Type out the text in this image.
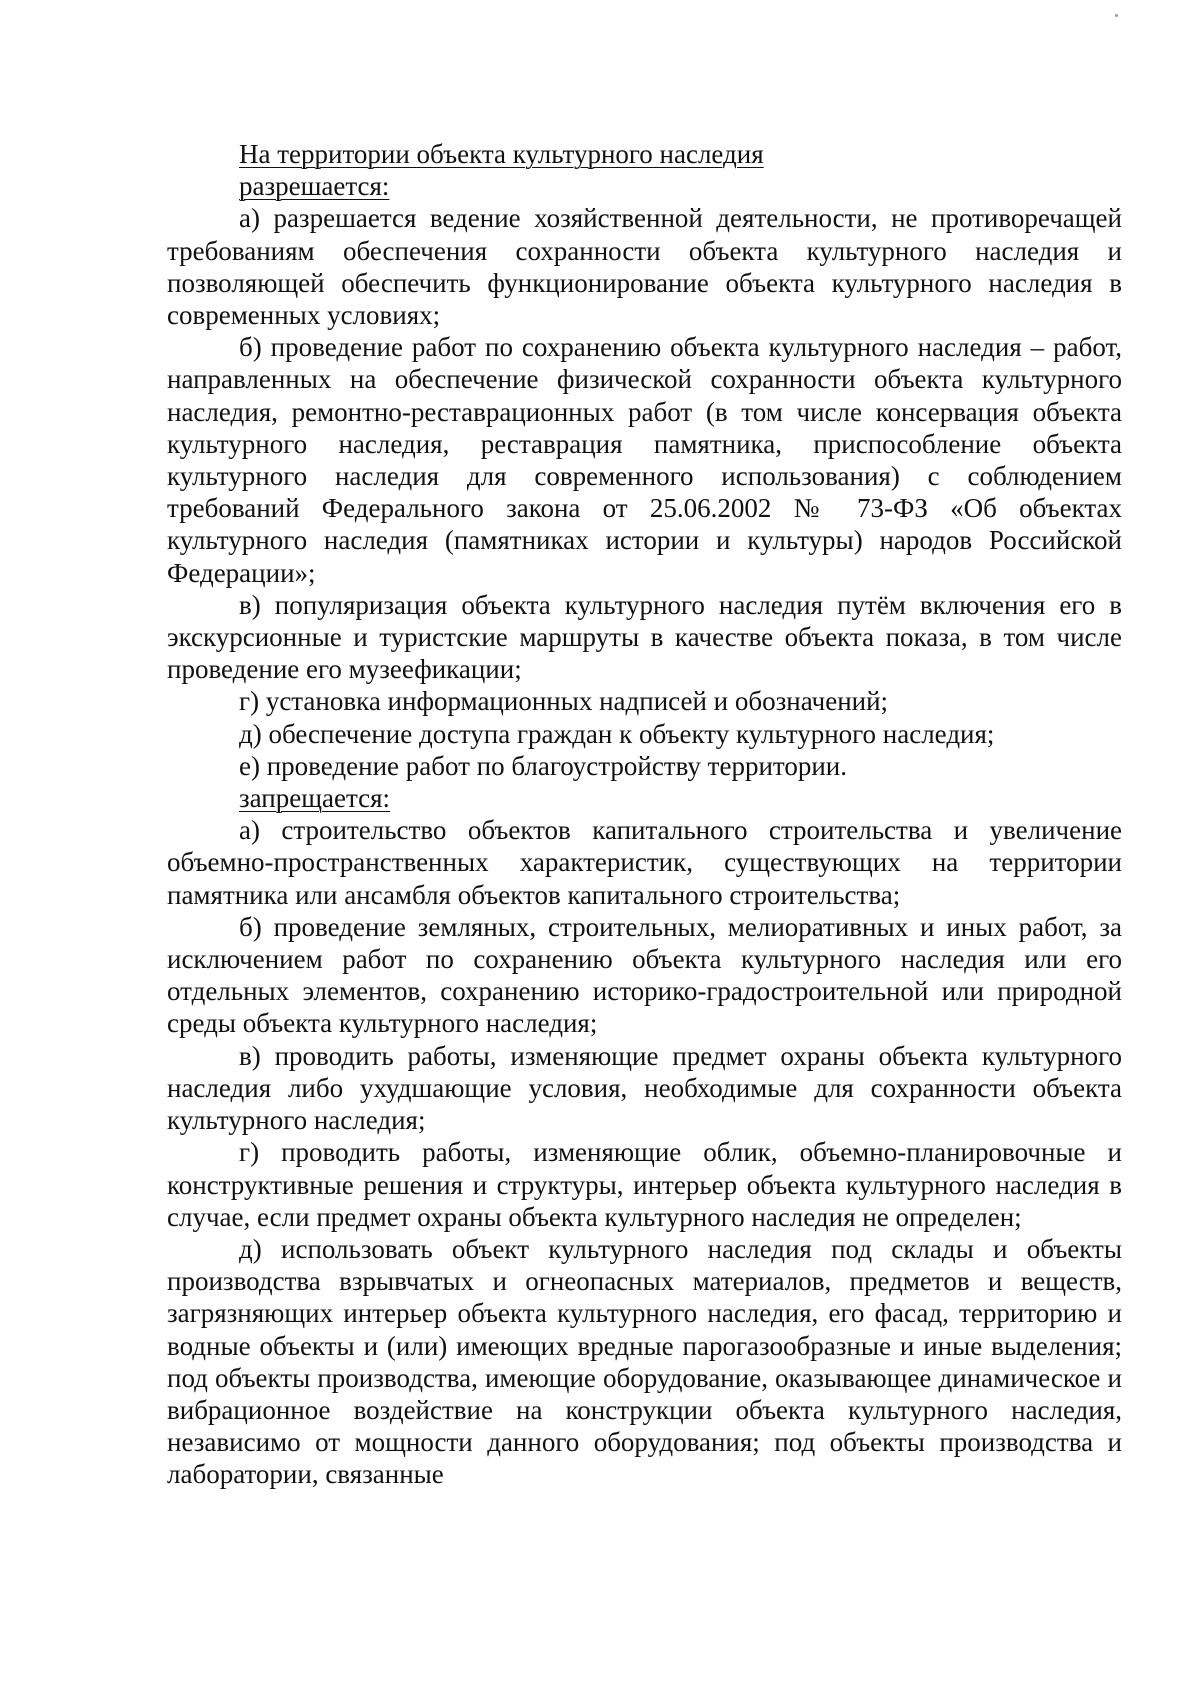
На территории объекта культурного наследия

разрешается:

а) разрешается ведение хозяйственной деятельности, не противоречащей требованиям обеспечения сохранности объекта культурного наследия и позволяющей обеспечить функционирование объекта культурного наследия в современных условиях;

б) проведение работ по сохранению объекта культурного наследия – работ, направленных на обеспечение физической сохранности объекта культурного наследия, ремонтно-реставрационных работ (в том числе консервация объекта культурного наследия, реставрация памятника, приспособление объекта культурного наследия для современного использования) с соблюдением требований Федерального закона от 25.06.2002 № 73-ФЗ «Об объектах культурного наследия (памятниках истории и культуры) народов Российской Федерации»;

в) популяризация объекта культурного наследия путём включения его в экскурсионные и туристские маршруты в качестве объекта показа, в том числе проведение его музеефикации;

г) установка информационных надписей и обозначений;

д) обеспечение доступа граждан к объекту культурного наследия;

е) проведение работ по благоустройству территории.

запрещается:

а) строительство объектов капитального строительства и увеличение объемно-пространственных характеристик, существующих на территории памятника или ансамбля объектов капитального строительства;

б) проведение земляных, строительных, мелиоративных и иных работ, за исключением работ по сохранению объекта культурного наследия или его отдельных элементов, сохранению историко-градостроительной или природной среды объекта культурного наследия;

в) проводить работы, изменяющие предмет охраны объекта культурного наследия либо ухудшающие условия, необходимые для сохранности объекта культурного наследия;

г) проводить работы, изменяющие облик, объемно-планировочные и конструктивные решения и структуры, интерьер объекта культурного наследия в случае, если предмет охраны объекта культурного наследия не определен;

д) использовать объект культурного наследия под склады и объекты производства взрывчатых и огнеопасных материалов, предметов и веществ, загрязняющих интерьер объекта культурного наследия, его фасад, территорию и водные объекты и (или) имеющих вредные парогазообразные и иные выделения; под объекты производства, имеющие оборудование, оказывающее динамическое и вибрационное воздействие на конструкции объекта культурного наследия, независимо от мощности данного оборудования; под объекты производства и лаборатории, связанные
